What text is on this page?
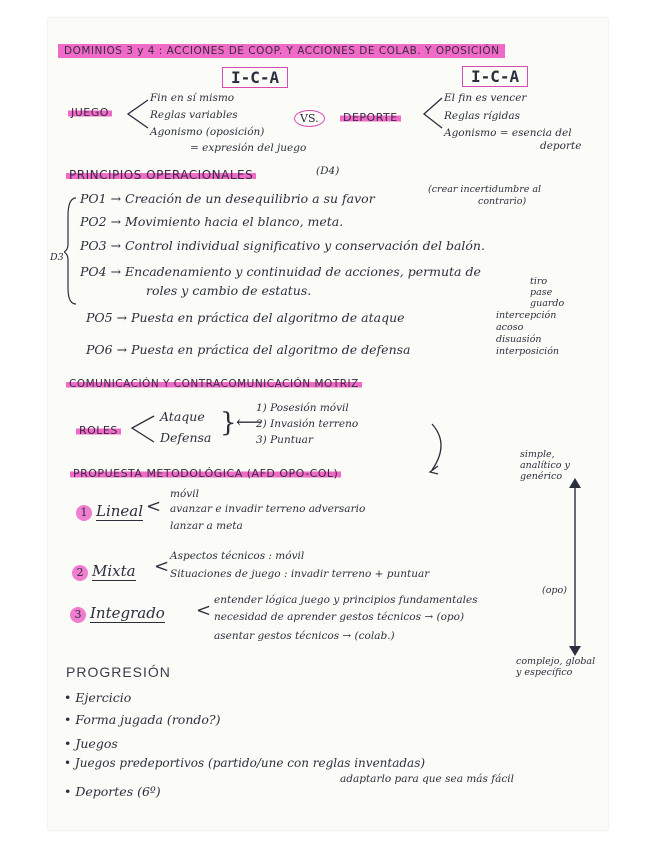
DOMINIOS 3 y 4 : ACCIONES DE COOP. Y ACCIONES DE COLAB. Y OPOSICIÓN
I-C-A	I-C-A
JUEGO
Fin en sí mismo
Reglas variables
Agonismo (oposición)
= expresión del juego
VS.	DEPORTE
El fin es vencer
Reglas rígidas
Agonismo = esencia del
deporte
PRINCIPIOS OPERACIONALES	(D4)
D3
PO1 → Creación de un desequilibrio a su favor
(crear incertidumbre al
contrario)
PO2 → Movimiento hacia el blanco, meta.
PO3 → Control individual significativo y conservación del balón.
PO4 → Encadenamiento y continuidad de acciones, permuta de
roles y cambio de estatus.
PO5 → Puesta en práctica del algoritmo de ataque
tiro
pase
guardo
PO6 → Puesta en práctica del algoritmo de defensa
intercepción
acoso
disuasión
interposición
COMUNICACIÓN Y CONTRACOMUNICACIÓN MOTRIZ
ROLES
Ataque
Defensa } ⟵
1) Posesión móvil
2) Invasión terreno
3) Puntuar
PROPUESTA METODOLÓGICA (AFD OPO-COL)
simple, analítico y genérico
complejo, global y específico
1 Lineal <
móvil
avanzar e invadir terreno adversario
lanzar a meta
2 Mixta < Aspectos técnicos : móvil
Situaciones de juego : invadir terreno + puntuar
3 Integrado < entender lógica juego y principios fundamentales
necesidad de aprender gestos técnicos → (opo)
asentar gestos técnicos → (colab.)
(opo)
PROGRESIÓN
• Ejercicio
• Forma jugada (rondo?)
• Juegos
• Juegos predeportivos (partido/une con reglas inventadas)
adaptarlo para que sea más fácil
• Deportes (6º)
